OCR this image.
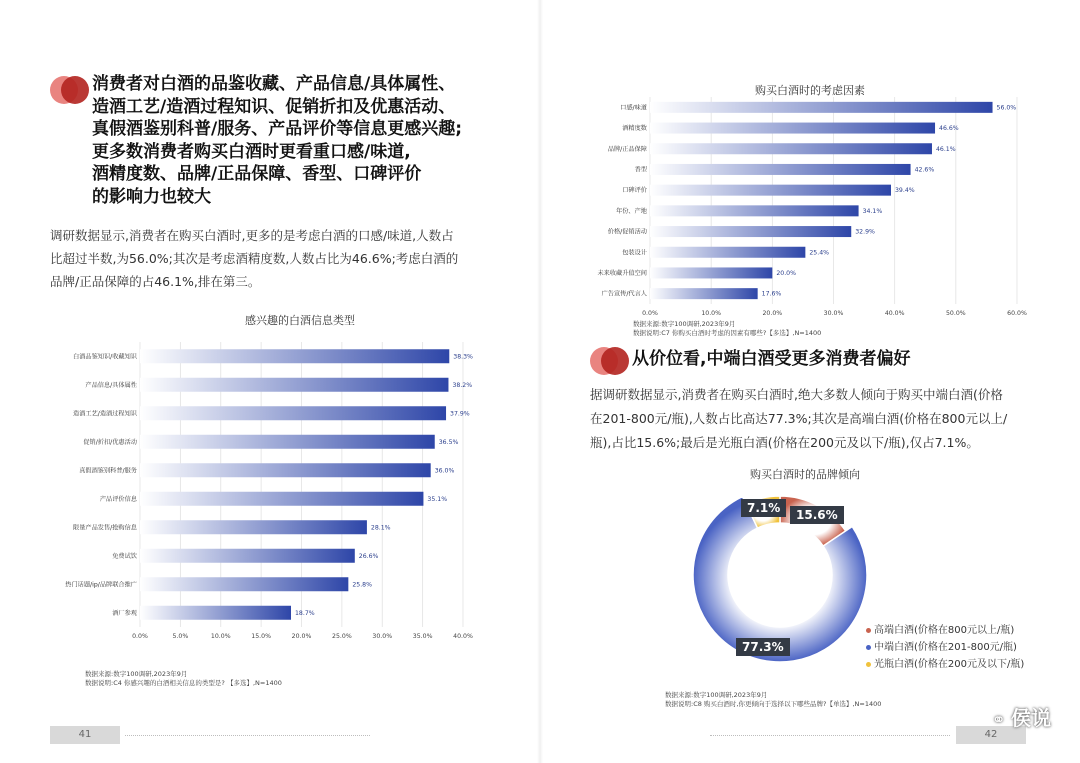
消费者对白酒的品鉴收藏、产品信息/具体属性、
造酒工艺/造酒过程知识、促销折扣及优惠活动、
真假酒鉴别科普/服务、产品评价等信息更感兴趣;
更多数消费者购买白酒时更看重口感/味道,
酒精度数、品牌/正品保障、香型、口碑评价
的影响力也较大
调研数据显示,消费者在购买白酒时,更多的是考虑白酒的口感/味道,人数占
比超过半数,为56.0%;其次是考虑酒精度数,人数占比为46.6%;考虑白酒的
品牌/正品保障的占46.1%,排在第三。
感兴趣的白酒信息类型
0.0%	5.0%	10.0%	15.0%	20.0%	25.0%	30.0%	35.0%	40.0%
白酒品鉴知识/收藏知识	38.3%
产品信息/具体属性	38.2%
造酒工艺/造酒过程知识	37.9%
促销/折扣/优惠活动	36.5%
真假酒鉴别科普/服务	36.0%
产品评价信息	35.1%
限量产品发售/抢购信息	28.1%
免费试饮	26.6%
热门话题/ip/品牌联合推广	25.8%
酒厂参观	18.7%
数据来源:数字100调研,2023年9月
数据说明:C4 你感兴趣的白酒相关信息的类型是? 【多选】,N=1400
41
购买白酒时的考虑因素
0.0%	10.0%	20.0%	30.0%	40.0%	50.0%	60.0%
口感/味道	56.0%
酒精度数	46.6%
品牌/正品保障	46.1%
香型	42.6%
口碑评价	39.4%
年份、产地	34.1%
价格/促销活动	32.9%
包装设计	25.4%
未来收藏升值空间	20.0%
广告宣传/代言人	17.6%
数据来源:数字100调研,2023年9月
数据说明:C7 你购买白酒时考虑的因素有哪些?【多选】,N=1400
从价位看,中端白酒受更多消费者偏好
据调研数据显示,消费者在购买白酒时,绝大多数人倾向于购买中端白酒(价格
在201-800元/瓶),人数占比高达77.3%;其次是高端白酒(价格在800元以上/
瓶),占比15.6%;最后是光瓶白酒(价格在200元及以下/瓶),仅占7.1%。
购买白酒时的品牌倾向
15.6%
77.3%
7.1%
高端白酒(价格在800元以上/瓶)
中端白酒(价格在201-800元/瓶)
光瓶白酒(价格在200元及以下/瓶)
数据来源:数字100调研,2023年9月
数据说明:C8 购买白酒时,你更倾向于选择以下哪些品牌?【单选】,N=1400
42
⚭ 侯说
